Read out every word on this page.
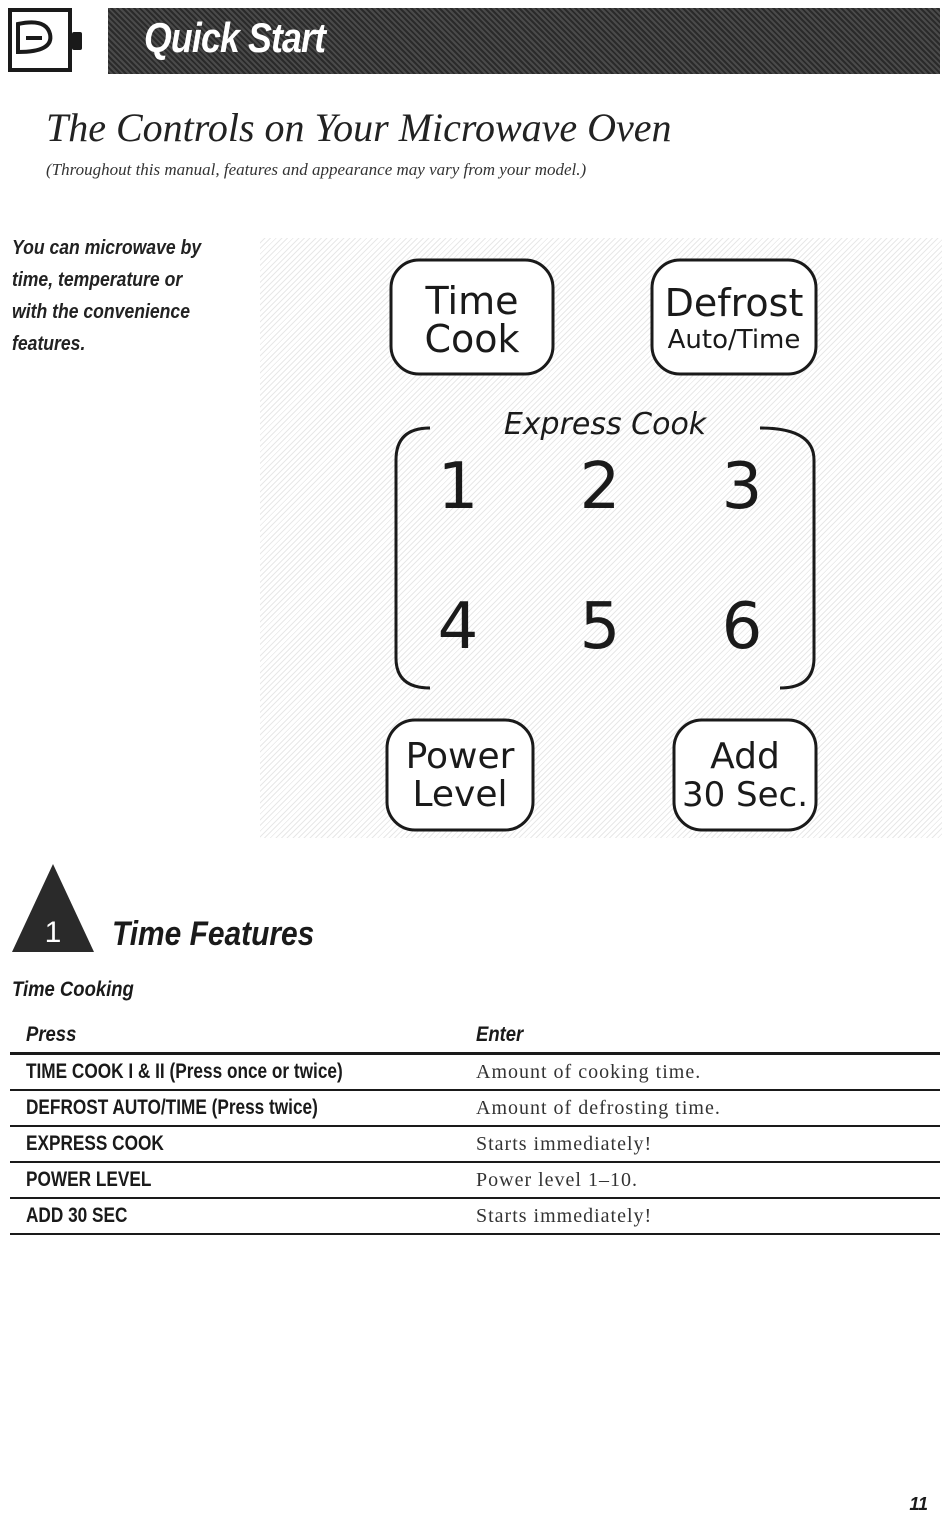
Quick Start
The Controls on Your Microwave Oven
(Throughout this manual, features and appearance may vary from your model.)
You can microwave by time, temperature or with the convenience features.
Time
Cook
Defrost
Auto/Time
Express Cook
1 2 3
4 5 6
Power
Level
Add
30 Sec.
1 Time Features
Time Cooking
Press	Enter
TIME COOK I & II (Press once or twice)	Amount of cooking time.
DEFROST AUTO/TIME (Press twice)	Amount of defrosting time.
EXPRESS COOK	Starts immediately!
POWER LEVEL	Power level 1–10.
ADD 30 SEC	Starts immediately!
11
